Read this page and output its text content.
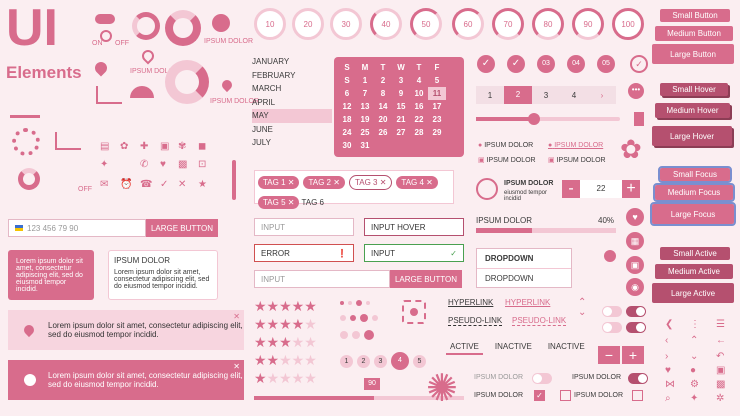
UI
Elements
ON OFF	IPSUM DOLOR
IPSUM DOLOR
IPSUM DOLOR
OFF
▤ ✿ ✚ ▣ ✾ ◼
✦	✆ ♥ ▩ ⊡
⏰	✕ ★
✓
☎
✉
10	20	30	40	50	60	70	80	90	100
Small Button
Medium Button
Large Button
Small Hover
Medium Hover
Large Hover
Small Focus
Medium Focus
Large Focus
Small Active
Medium Active
Large Active
JANUARY
FEBRUARY
MARCH
APRIL
MAY
JUNE
JULY
S	M	T	W	T	F
S	1	2	3	4	5
6	7	8	9	10	11
12	13	14	15	16	17
18	19	20	21	22	23
24	25	26	27	28	29
30	31
1	2	3	4	›
•••
✓	✓	03	04	05	✓
● IPSUM DOLOR ● IPSUM DOLOR
▣ IPSUM DOLOR ▣ IPSUM DOLOR ✿
TAG 1 ✕ TAG 2 ✕ TAG 3 ✕ TAG 4 ✕
TAG 5 ✕ TAG 6
IPSUM DOLOR
eiusmod tempor incidid
-	22	+
IPSUM DOLOR	40%	♥
▦
▣
◉
DROPDOWN
DROPDOWN
123 456 79 90	LARGE BUTTON
Lorem ipsum dolor sit amet, consectetur adipiscing elit, sed do eiusmod tempor incidid.
IPSUM DOLOR
Lorem ipsum dolor sit amet, consectetur adipiscing elit, sed do eiusmod tempor incidid.
INPUT	INPUT HOVER
ERROR	❗	INPUT	✓
INPUT	LARGE BUTTON
Lorem ipsum dolor sit amet, consectetur adipiscing elit, sed do eiusmod tempor incidid.
✕
Lorem ipsum dolor sit amet, consectetur adipiscing elit, sed do eiusmod tempor incidid.
✕
★★★★★
★★★★★
★★★★★
★★★★★
★★★★★
1	2	3	4	5
90
HYPERLINK HYPERLINK
PSEUDO-LINK PSEUDO-LINK
⌃
⌄
ACTIVE	INACTIVE	INACTIVE
−	+
✺ IPSUM DOLOR	IPSUM DOLOR
IPSUM DOLOR ✓	IPSUM DOLOR
❮ ⋮ ☰
‹ ⌃ ←
› ⌄ ↶
♥ ● ▣
⋈ ⚙ ▩
⌕ ✦ ✲
